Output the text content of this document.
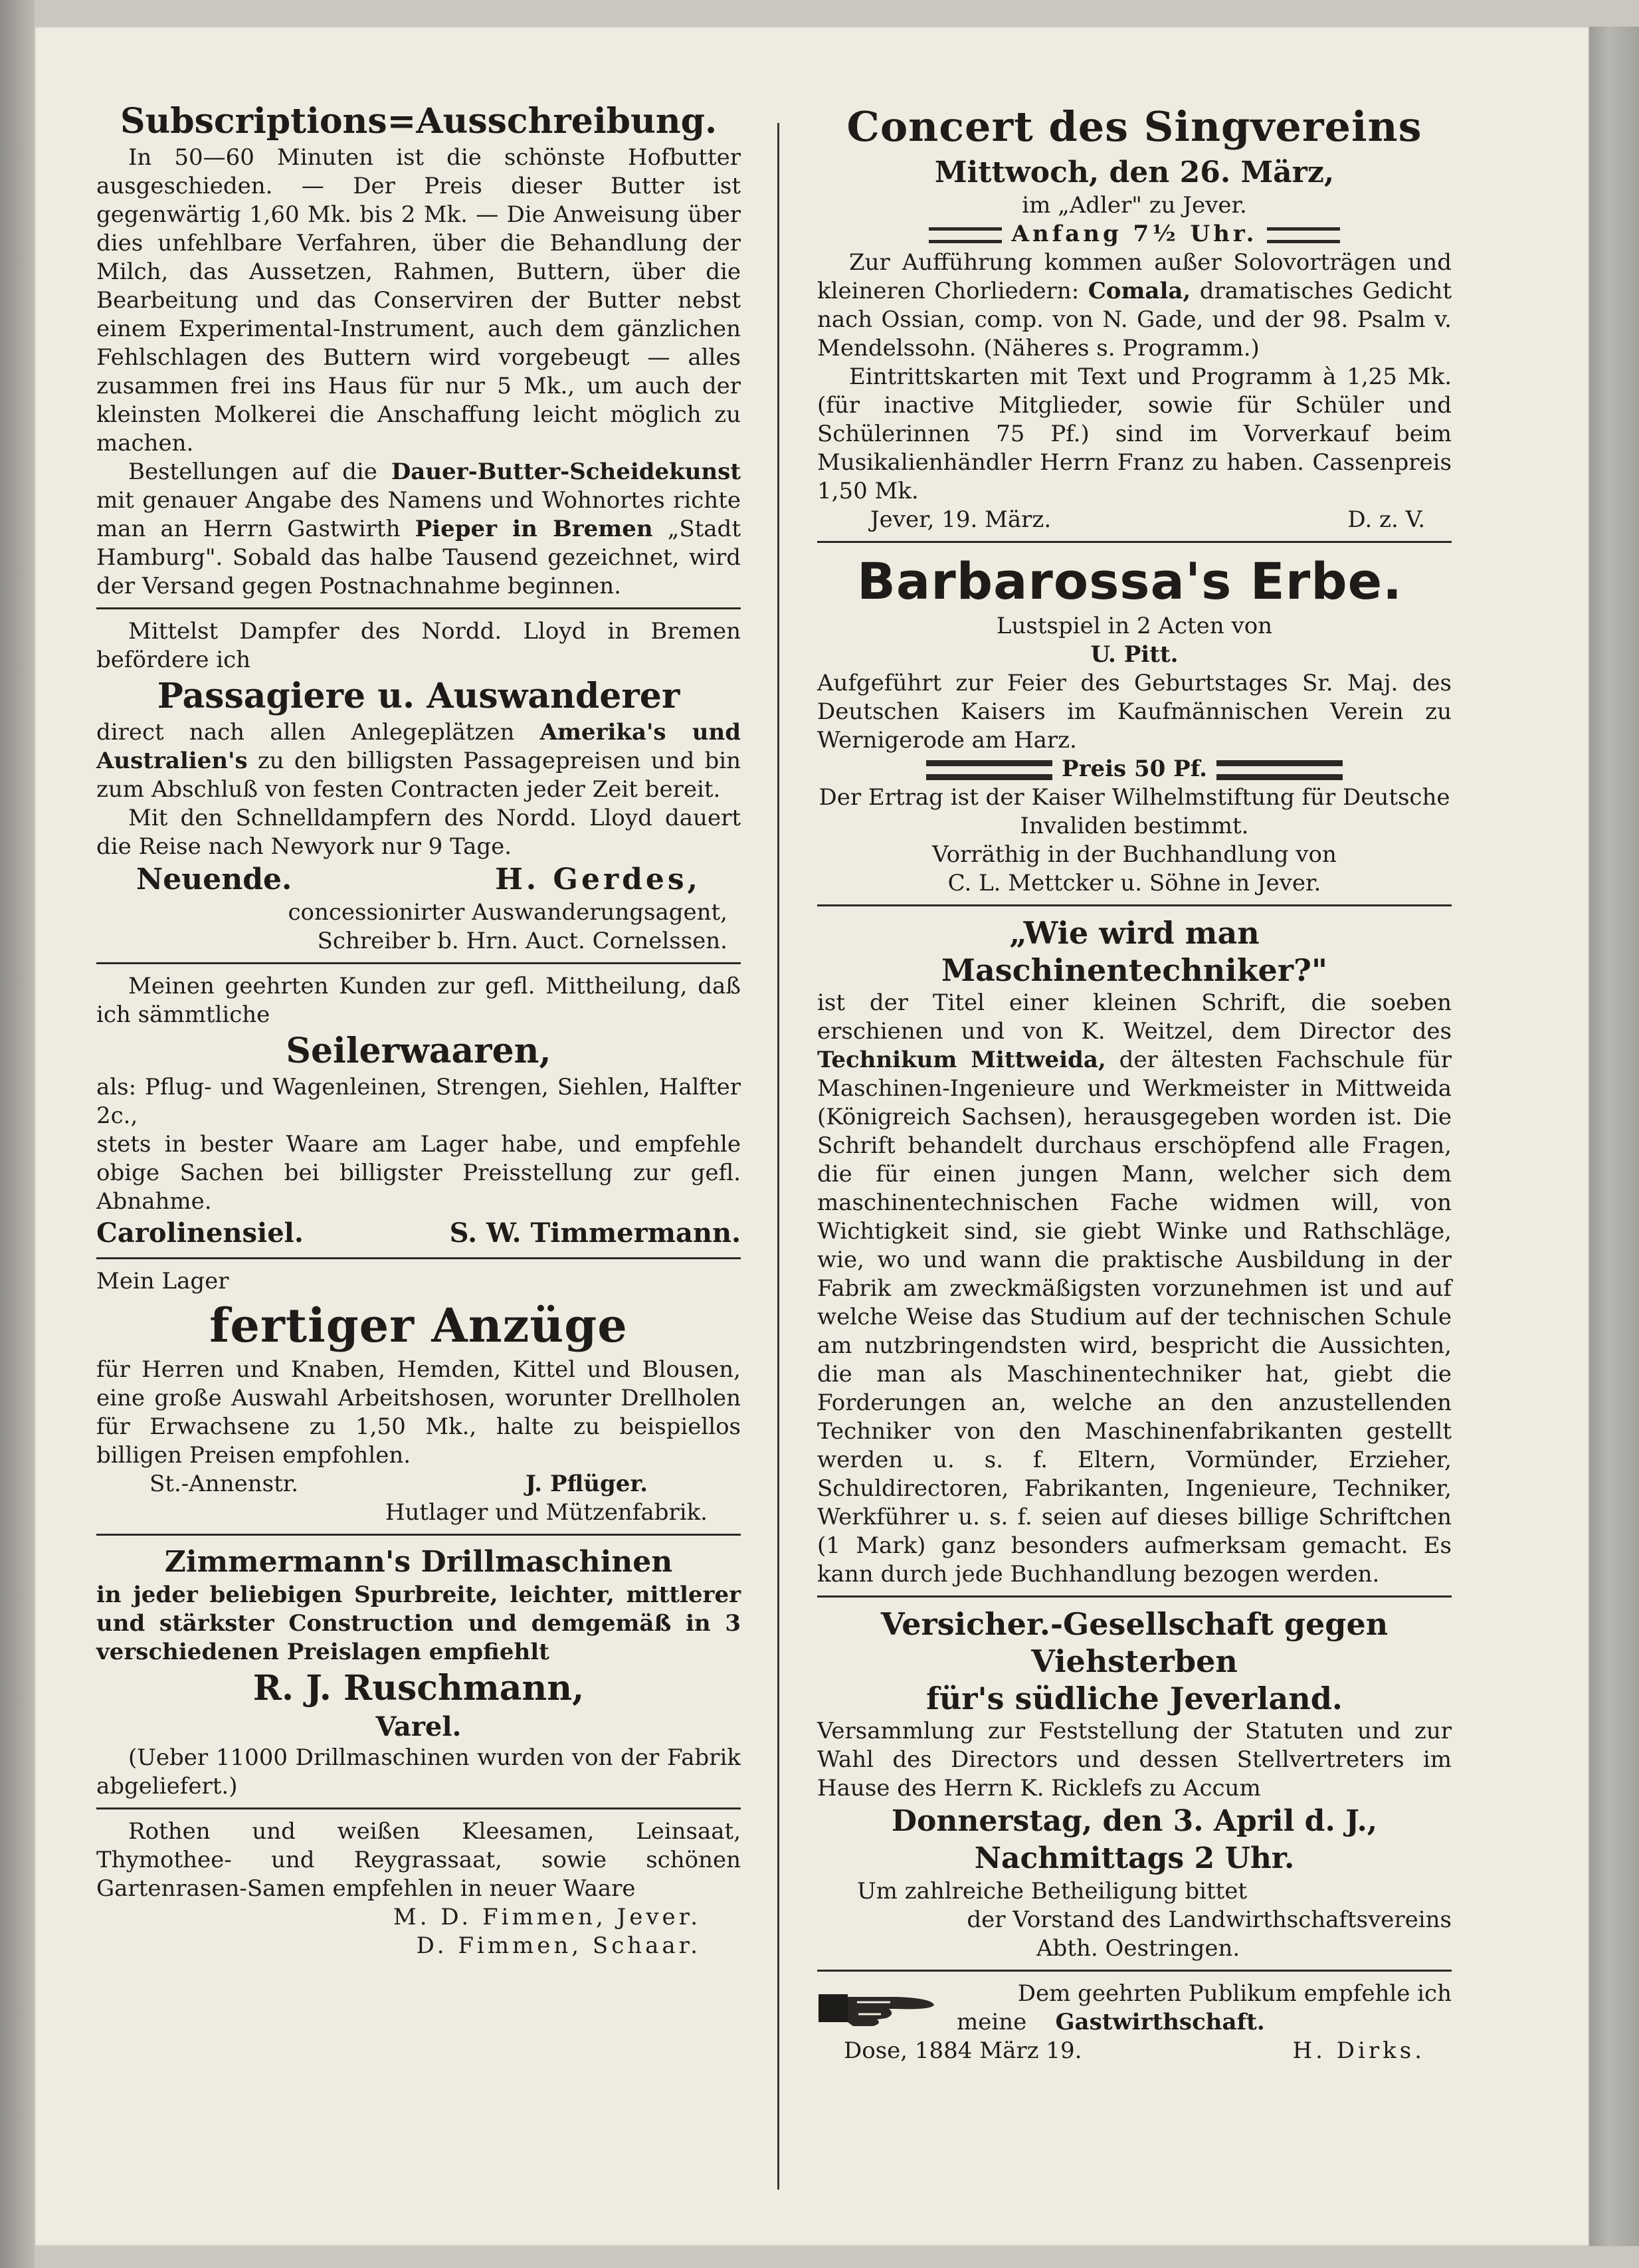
Subscriptions=Ausschreibung.

In 50—60 Minuten ist die schönste Hofbutter ausgeschieden. — Der Preis dieser Butter ist gegenwärtig 1,60 Mk. bis 2 Mk. — Die Anweisung über dies unfehlbare Verfahren, über die Behandlung der Milch, das Aussetzen, Rahmen, Buttern, über die Bearbeitung und das Conserviren der Butter nebst einem Experimental-Instrument, auch dem gänzlichen Fehlschlagen des Buttern wird vorgebeugt — alles zusammen frei ins Haus für nur 5 Mk., um auch der kleinsten Molkerei die Anschaffung leicht möglich zu machen.

Bestellungen auf die Dauer-Butter-Scheidekunst mit genauer Angabe des Namens und Wohnortes richte man an Herrn Gastwirth Pieper in Bremen „Stadt Hamburg". Sobald das halbe Tausend gezeichnet, wird der Versand gegen Postnachnahme beginnen.

Mittelst Dampfer des Nordd. Lloyd in Bremen befördere ich

Passagiere u. Auswanderer

direct nach allen Anlegeplätzen Amerika's und Australien's zu den billigsten Passagepreisen und bin zum Abschluß von festen Contracten jeder Zeit bereit.

Mit den Schnelldampfern des Nordd. Lloyd dauert die Reise nach Newyork nur 9 Tage.

Neuende.	H. Gerdes,

concessionirter Auswanderungsagent,

Schreiber b. Hrn. Auct. Cornelssen.

Meinen geehrten Kunden zur gefl. Mittheilung, daß ich sämmtliche

Seilerwaaren,

als: Pflug- und Wagenleinen, Strengen, Siehlen, Halfter 2c.,

stets in bester Waare am Lager habe, und empfehle obige Sachen bei billigster Preisstellung zur gefl. Abnahme.

Carolinensiel.	S. W. Timmermann.

Mein Lager

fertiger Anzüge

für Herren und Knaben, Hemden, Kittel und Blousen, eine große Auswahl Arbeitshosen, worunter Drellholen für Erwachsene zu 1,50 Mk., halte zu beispiellos billigen Preisen empfohlen.

St.-Annenstr.	J. Pflüger.

Hutlager und Mützenfabrik.

Zimmermann's Drillmaschinen

in jeder beliebigen Spurbreite, leichter, mittlerer und stärkster Construction und demgemäß in 3 verschiedenen Preislagen empfiehlt

R. J. Ruschmann,

Varel.

(Ueber 11000 Drillmaschinen wurden von der Fabrik abgeliefert.)

Rothen und weißen Kleesamen, Leinsaat, Thymothee- und Reygrassaat, sowie schönen Gartenrasen-Samen empfehlen in neuer Waare

M. D. Fimmen, Jever.

D. Fimmen, Schaar.

Concert des Singvereins

Mittwoch, den 26. März,

im „Adler" zu Jever.

Anfang 7½ Uhr.

Zur Aufführung kommen außer Solovorträgen und kleineren Chorliedern: Comala, dramatisches Gedicht nach Ossian, comp. von N. Gade, und der 98. Psalm v. Mendelssohn. (Näheres s. Programm.)

Eintrittskarten mit Text und Programm à 1,25 Mk. (für inactive Mitglieder, sowie für Schüler und Schülerinnen 75 Pf.) sind im Vorverkauf beim Musikalienhändler Herrn Franz zu haben. Cassenpreis 1,50 Mk.

Jever, 19. März.	D. z. V.

Barbarossa's Erbe.

Lustspiel in 2 Acten von

U. Pitt.

Aufgeführt zur Feier des Geburtstages Sr. Maj. des Deutschen Kaisers im Kaufmännischen Verein zu Wernigerode am Harz.

Preis 50 Pf.

Der Ertrag ist der Kaiser Wilhelmstiftung für Deutsche Invaliden bestimmt.

Vorräthig in der Buchhandlung von

C. L. Mettcker u. Söhne in Jever.

„Wie wird man Maschinentechniker?"

ist der Titel einer kleinen Schrift, die soeben erschienen und von K. Weitzel, dem Director des Technikum Mittweida, der ältesten Fachschule für Maschinen-Ingenieure und Werkmeister in Mittweida (Königreich Sachsen), herausgegeben worden ist. Die Schrift behandelt durchaus erschöpfend alle Fragen, die für einen jungen Mann, welcher sich dem maschinentechnischen Fache widmen will, von Wichtigkeit sind, sie giebt Winke und Rathschläge, wie, wo und wann die praktische Ausbildung in der Fabrik am zweckmäßigsten vorzunehmen ist und auf welche Weise das Studium auf der technischen Schule am nutzbringendsten wird, bespricht die Aussichten, die man als Maschinentechniker hat, giebt die Forderungen an, welche an den anzustellenden Techniker von den Maschinenfabrikanten gestellt werden u. s. f. Eltern, Vormünder, Erzieher, Schuldirectoren, Fabrikanten, Ingenieure, Techniker, Werkführer u. s. f. seien auf dieses billige Schriftchen (1 Mark) ganz besonders aufmerksam gemacht. Es kann durch jede Buchhandlung bezogen werden.

Versicher.-Gesellschaft gegen Viehsterben

für's südliche Jeverland.

Versammlung zur Feststellung der Statuten und zur Wahl des Directors und dessen Stellvertreters im Hause des Herrn K. Ricklefs zu Accum

Donnerstag, den 3. April d. J.,

Nachmittags 2 Uhr.

Um zahlreiche Betheiligung bittet

der Vorstand des Landwirthschaftsvereins

Abth. Oestringen.

Dem geehrten Publikum empfehle ich

meine Gastwirthschaft.

Dose, 1884 März 19.	H. Dirks.
